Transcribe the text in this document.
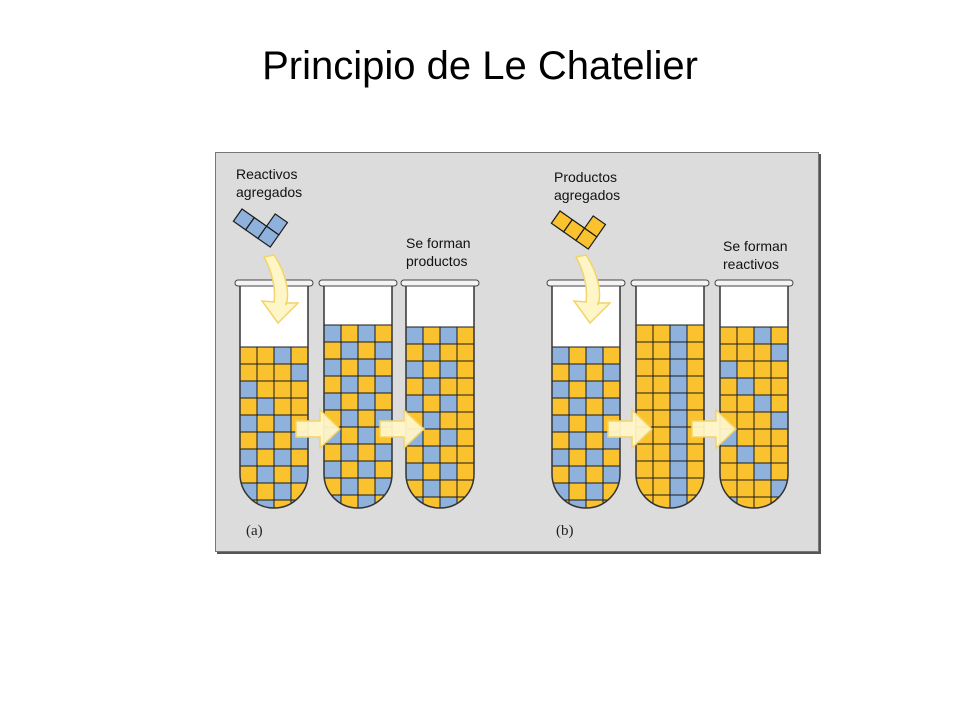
Principio de Le Chatelier
Reactivos
agregados
Se forman
productos
Productos
agregados
Se forman
reactivos
(a)	(b)
